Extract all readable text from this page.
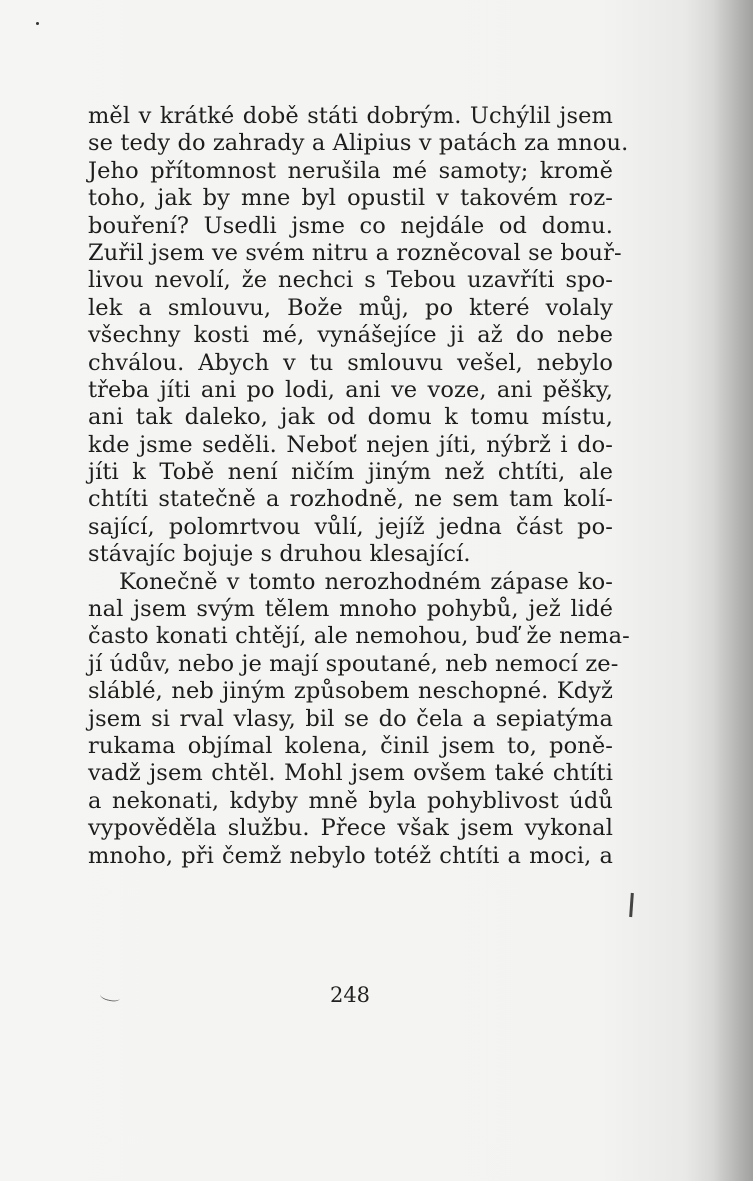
měl v krátké době státi dobrým. Uchýlil jsem
se tedy do zahrady a Alipius v patách za mnou.
Jeho přítomnost nerušila mé samoty; kromě
toho, jak by mne byl opustil v takovém roz-
bouření? Usedli jsme co nejdále od domu.
Zuřil jsem ve svém nitru a rozněcoval se bouř-
livou nevolí, že nechci s Tebou uzavříti spo-
lek a smlouvu, Bože můj, po které volaly
všechny kosti mé, vynášejíce ji až do nebe
chválou. Abych v tu smlouvu vešel, nebylo
třeba jíti ani po lodi, ani ve voze, ani pěšky,
ani tak daleko, jak od domu k tomu místu,
kde jsme seděli. Neboť nejen jíti, nýbrž i do-
jíti k Tobě není ničím jiným než chtíti, ale
chtíti statečně a rozhodně, ne sem tam kolí-
sající, polomrtvou vůlí, jejíž jedna část po-
stávajíc bojuje s druhou klesající.
Konečně v tomto nerozhodném zápase ko-
nal jsem svým tělem mnoho pohybů, jež lidé
často konati chtějí, ale nemohou, buď že nema-
jí údův, nebo je mají spoutané, neb nemocí ze-
sláblé, neb jiným způsobem neschopné. Když
jsem si rval vlasy, bil se do čela a sepiatýma
rukama objímal kolena, činil jsem to, poně-
vadž jsem chtěl. Mohl jsem ovšem také chtíti
a nekonati, kdyby mně byla pohyblivost údů
vypověděla službu. Přece však jsem vykonal
mnoho, při čemž nebylo totéž chtíti a moci, a
248
